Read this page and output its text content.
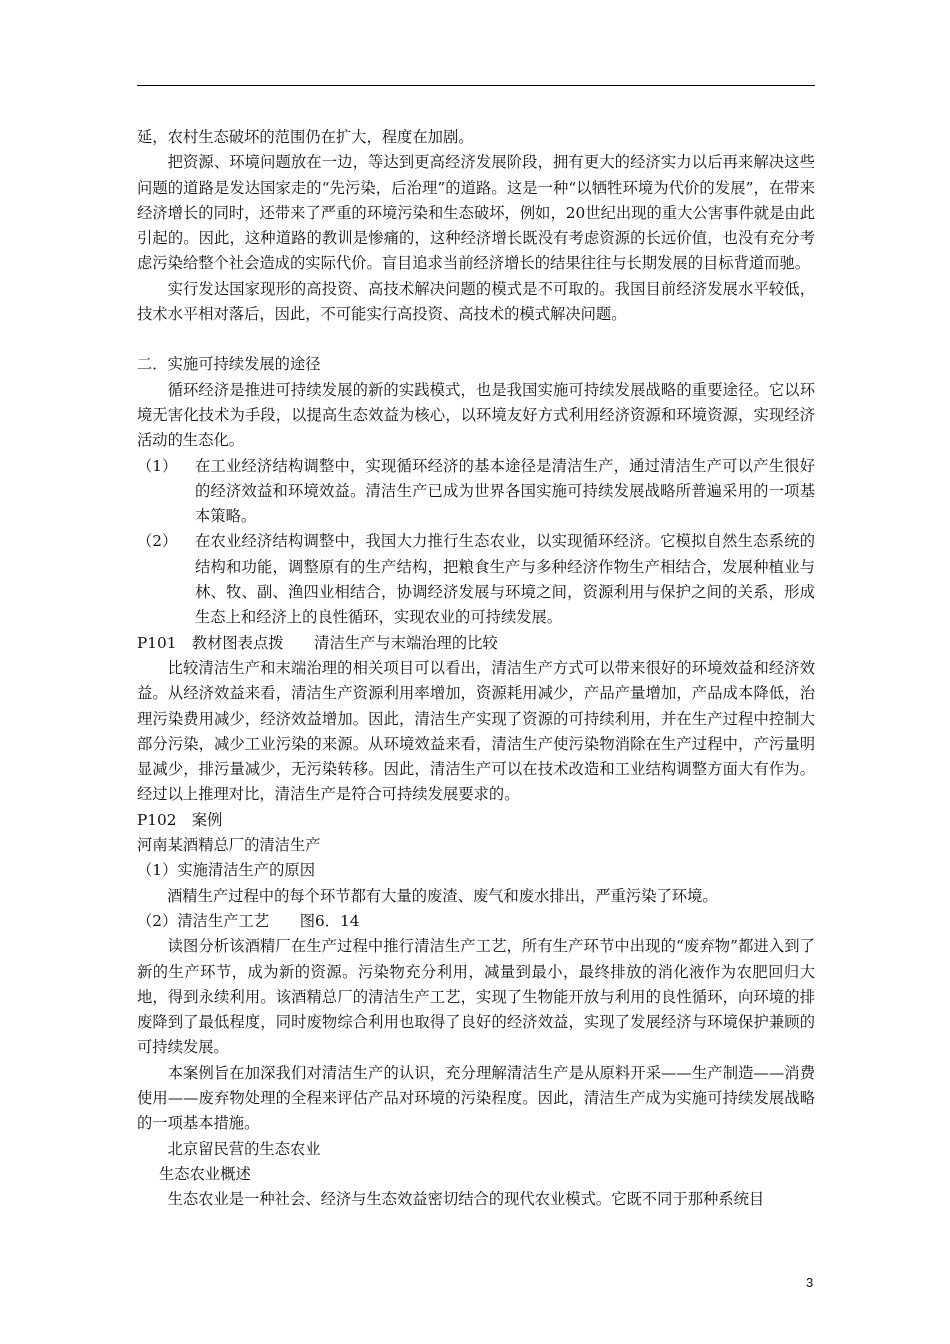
延，农村生态破坏的范围仍在扩大，程度在加剧。

把资源、环境问题放在一边，等达到更高经济发展阶段，拥有更大的经济实力以后再来解决这些问题的道路是发达国家走的“先污染，后治理”的道路。这是一种“以牺牲环境为代价的发展”，在带来经济增长的同时，还带来了严重的环境污染和生态破坏，例如，20世纪出现的重大公害事件就是由此引起的。因此，这种道路的教训是惨痛的，这种经济增长既没有考虑资源的长远价值，也没有充分考虑污染给整个社会造成的实际代价。盲目追求当前经济增长的结果往往与长期发展的目标背道而驰。

实行发达国家现形的高投资、高技术解决问题的模式是不可取的。我国目前经济发展水平较低，技术水平相对落后，因此，不可能实行高投资、高技术的模式解决问题。

二．实施可持续发展的途径

循环经济是推进可持续发展的新的实践模式，也是我国实施可持续发展战略的重要途径。它以环境无害化技术为手段，以提高生态效益为核心，以环境友好方式利用经济资源和环境资源，实现经济活动的生态化。

（1）	在工业经济结构调整中，实现循环经济的基本途径是清洁生产，通过清洁生产可以产生很好的经济效益和环境效益。清洁生产已成为世界各国实施可持续发展战略所普遍采用的一项基本策略。
（2）	在农业经济结构调整中，我国大力推行生态农业，以实现循环经济。它模拟自然生态系统的结构和功能，调整原有的生产结构，把粮食生产与多种经济作物生产相结合，发展种植业与林、牧、副、渔四业相结合，协调经济发展与环境之间，资源利用与保护之间的关系，形成生态上和经济上的良性循环，实现农业的可持续发展。

P101　教材图表点拨　　清洁生产与末端治理的比较

比较清洁生产和末端治理的相关项目可以看出，清洁生产方式可以带来很好的环境效益和经济效益。从经济效益来看，清洁生产资源利用率增加，资源耗用减少，产品产量增加，产品成本降低，治理污染费用减少，经济效益增加。因此，清洁生产实现了资源的可持续利用，并在生产过程中控制大部分污染，减少工业污染的来源。从环境效益来看，清洁生产使污染物消除在生产过程中，产污量明显减少，排污量减少，无污染转移。因此，清洁生产可以在技术改造和工业结构调整方面大有作为。经过以上推理对比，清洁生产是符合可持续发展要求的。

P102　案例

河南某酒精总厂的清洁生产

（1）实施清洁生产的原因

酒精生产过程中的每个环节都有大量的废渣、废气和废水排出，严重污染了环境。

（2）清洁生产工艺　　图6．14

读图分析该酒精厂在生产过程中推行清洁生产工艺，所有生产环节中出现的“废弃物”都进入到了新的生产环节，成为新的资源。污染物充分利用，减量到最小，最终排放的消化液作为农肥回归大地，得到永续利用。该酒精总厂的清洁生产工艺，实现了生物能开放与利用的良性循环，向环境的排废降到了最低程度，同时废物综合利用也取得了良好的经济效益，实现了发展经济与环境保护兼顾的可持续发展。

本案例旨在加深我们对清洁生产的认识，充分理解清洁生产是从原料开采——生产制造——消费使用——废弃物处理的全程来评估产品对环境的污染程度。因此，清洁生产成为实施可持续发展战略的一项基本措施。

北京留民营的生态农业

生态农业概述

生态农业是一种社会、经济与生态效益密切结合的现代农业模式。它既不同于那种系统目

3
